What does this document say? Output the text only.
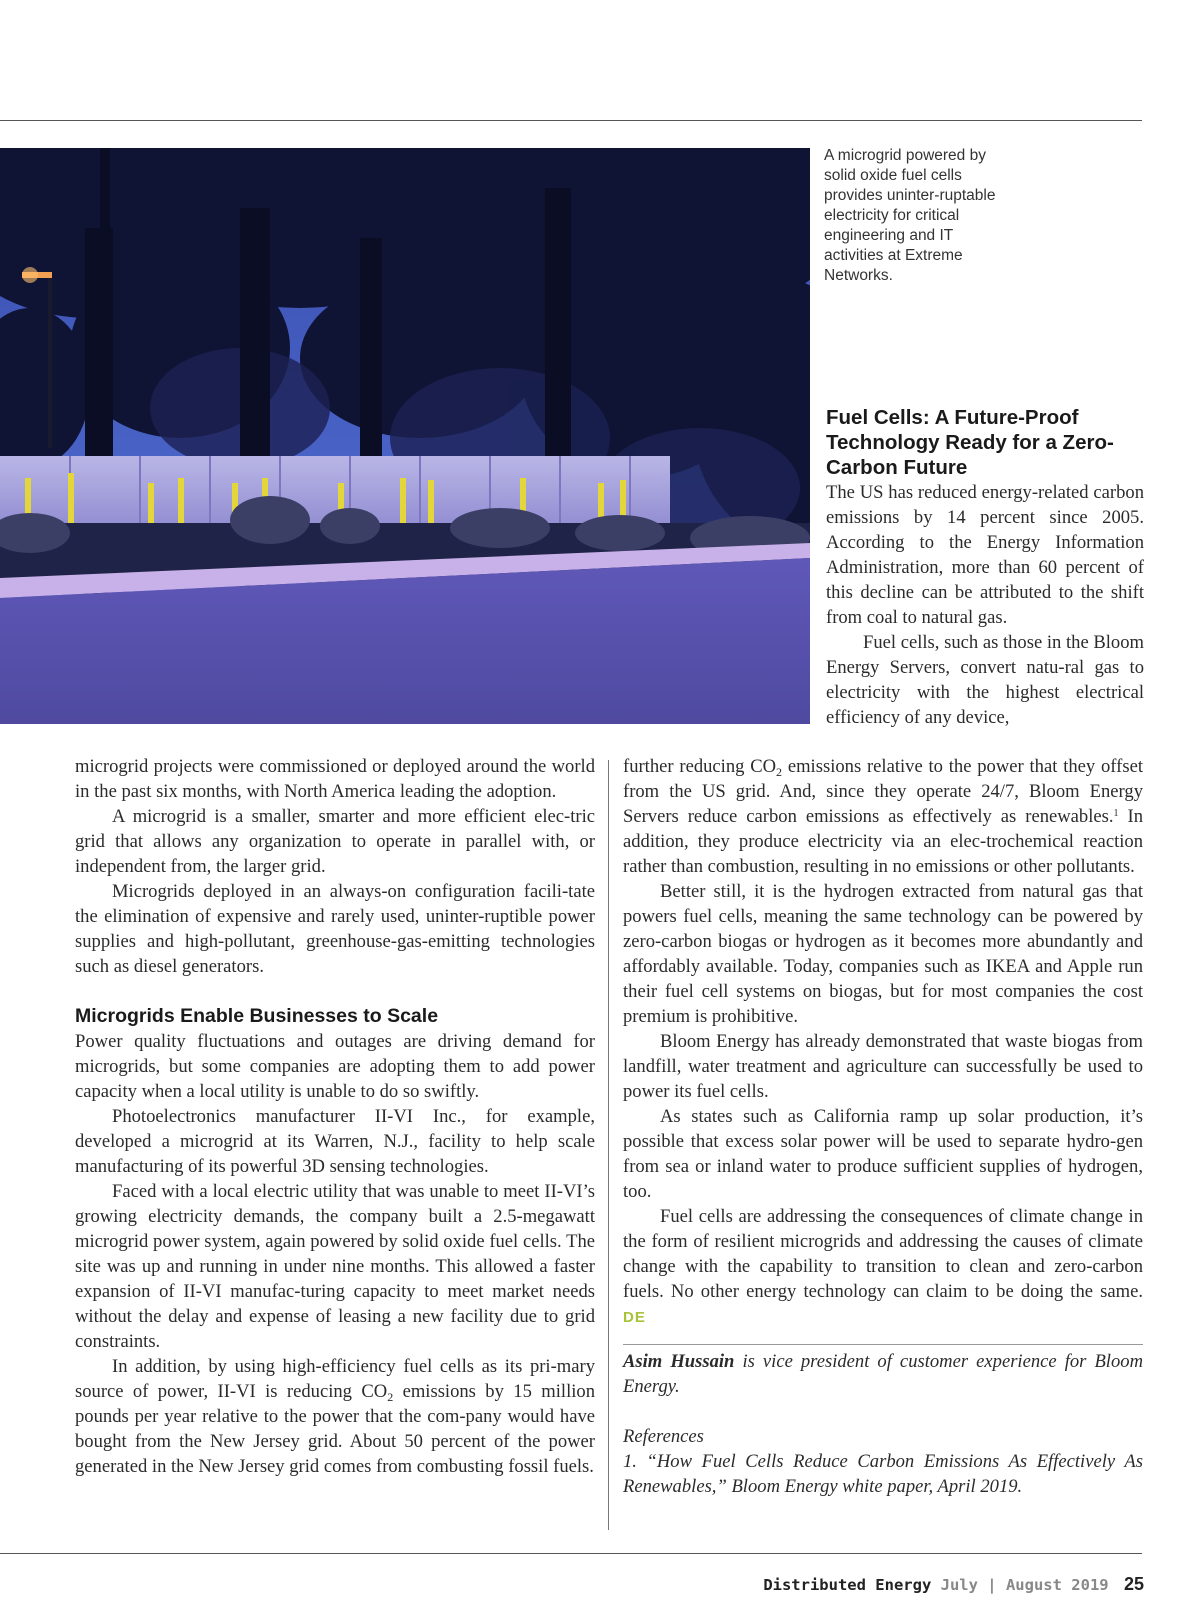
A microgrid powered by solid oxide fuel cells provides uninter-ruptable electricity for critical engineering and IT activities at Extreme Networks.
Fuel Cells: A Future-Proof Technology Ready for a Zero-Carbon Future

The US has reduced energy-related carbon emissions by 14 percent since 2005. According to the Energy Information Administration, more than 60 percent of this decline can be attributed to the shift from coal to natural gas.

Fuel cells, such as those in the Bloom Energy Servers, convert natu-ral gas to electricity with the highest electrical efficiency of any device,

microgrid projects were commissioned or deployed around the world in the past six months, with North America leading the adoption.

A microgrid is a smaller, smarter and more efficient elec-tric grid that allows any organization to operate in parallel with, or independent from, the larger grid.

Microgrids deployed in an always-on configuration facili-tate the elimination of expensive and rarely used, uninter-ruptible power supplies and high-pollutant, greenhouse-gas-emitting technologies such as diesel generators.

Microgrids Enable Businesses to Scale

Power quality fluctuations and outages are driving demand for microgrids, but some companies are adopting them to add power capacity when a local utility is unable to do so swiftly.

Photoelectronics manufacturer II-VI Inc., for example, developed a microgrid at its Warren, N.J., facility to help scale manufacturing of its powerful 3D sensing technologies.

Faced with a local electric utility that was unable to meet II-VI’s growing electricity demands, the company built a 2.5-megawatt microgrid power system, again powered by solid oxide fuel cells. The site was up and running in under nine months. This allowed a faster expansion of II-VI manufac-turing capacity to meet market needs without the delay and expense of leasing a new facility due to grid constraints.

In addition, by using high-efficiency fuel cells as its pri-mary source of power, II-VI is reducing $CO_2$ emissions by 15 million pounds per year relative to the power that the com-pany would have bought from the New Jersey grid. About 50 percent of the power generated in the New Jersey grid comes from combusting fossil fuels.

further reducing $CO_2$ emissions relative to the power that they offset from the US grid. And, since they operate 24/7, Bloom Energy Servers reduce carbon emissions as effectively as renewables.$^1$ In addition, they produce electricity via an elec-trochemical reaction rather than combustion, resulting in no emissions or other pollutants.

Better still, it is the hydrogen extracted from natural gas that powers fuel cells, meaning the same technology can be powered by zero-carbon biogas or hydrogen as it becomes more abundantly and affordably available. Today, companies such as IKEA and Apple run their fuel cell systems on biogas, but for most companies the cost premium is prohibitive.

Bloom Energy has already demonstrated that waste biogas from landfill, water treatment and agriculture can successfully be used to power its fuel cells.

As states such as California ramp up solar production, it’s possible that excess solar power will be used to separate hydro-gen from sea or inland water to produce sufficient supplies of hydrogen, too.

Fuel cells are addressing the consequences of climate change in the form of resilient microgrids and addressing the causes of climate change with the capability to transition to clean and zero-carbon fuels. No other energy technology can claim to be doing the same. DE

Asim Hussain is vice president of customer experience for Bloom Energy.

References

1. “How Fuel Cells Reduce Carbon Emissions As Effectively As Renewables,” Bloom Energy white paper, April 2019.

Distributed Energy July | August 2019 25
